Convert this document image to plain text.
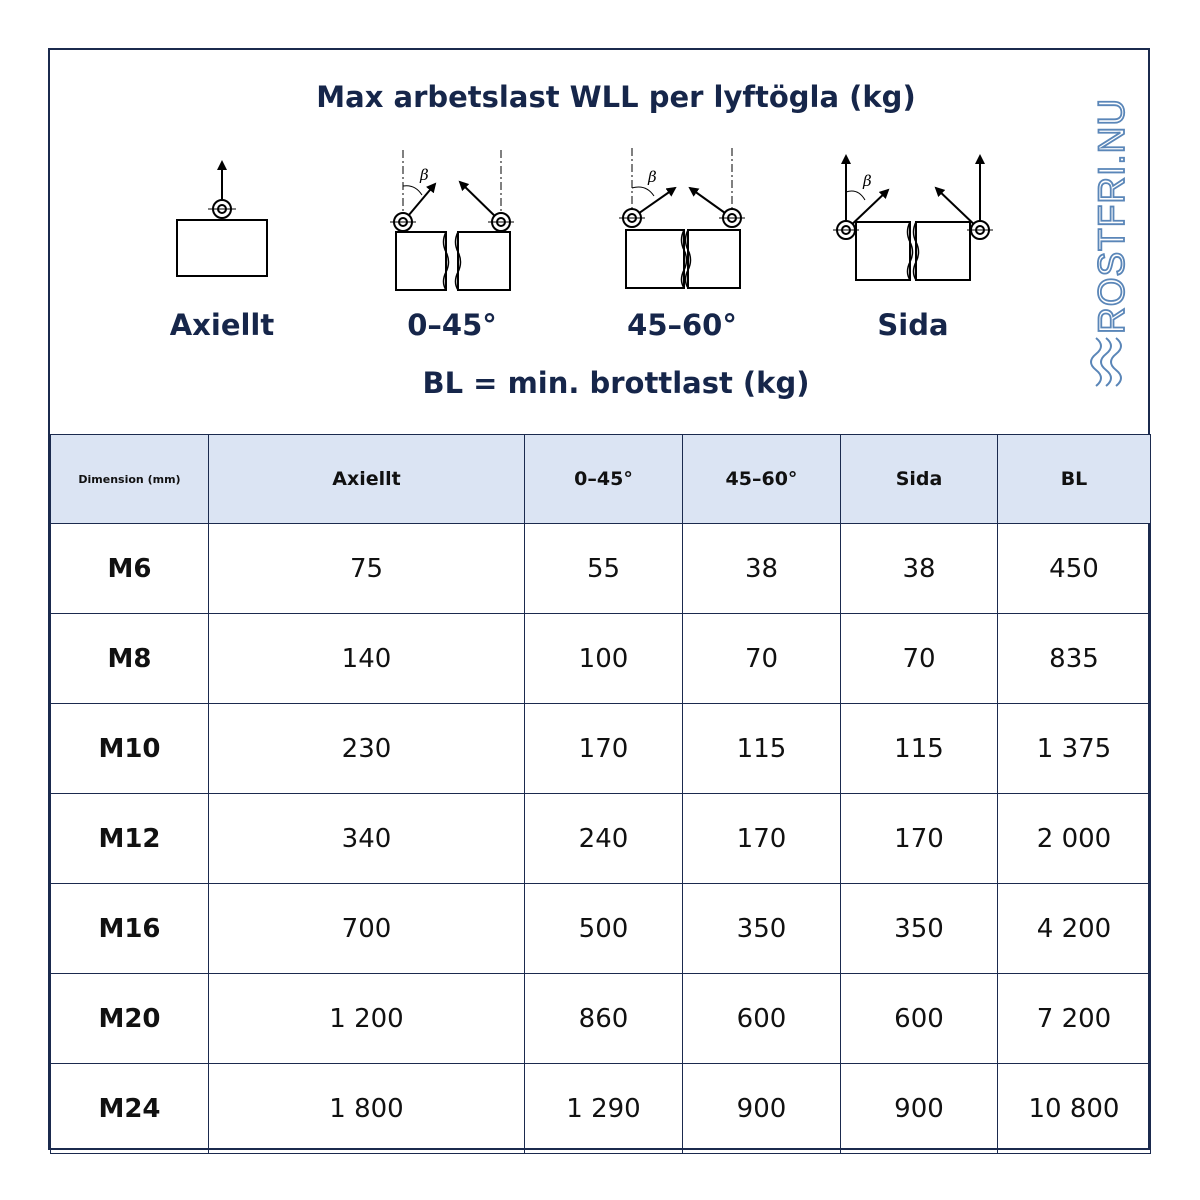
Max arbetslast WLL per lyftögla (kg)
β	β	β
Axiellt	0–45°	45–60°	Sida
BL = min. brottlast (kg)
ROSTFRI.NU
Dimension (mm)	Axiellt	0–45°	45–60°	Sida	BL
M6	75	55	38	38	450
M8	140	100	70	70	835
M10	230	170	115	115	1 375
M12	340	240	170	170	2 000
M16	700	500	350	350	4 200
M20	1 200	860	600	600	7 200
M24	1 800	1 290	900	900	10 800
